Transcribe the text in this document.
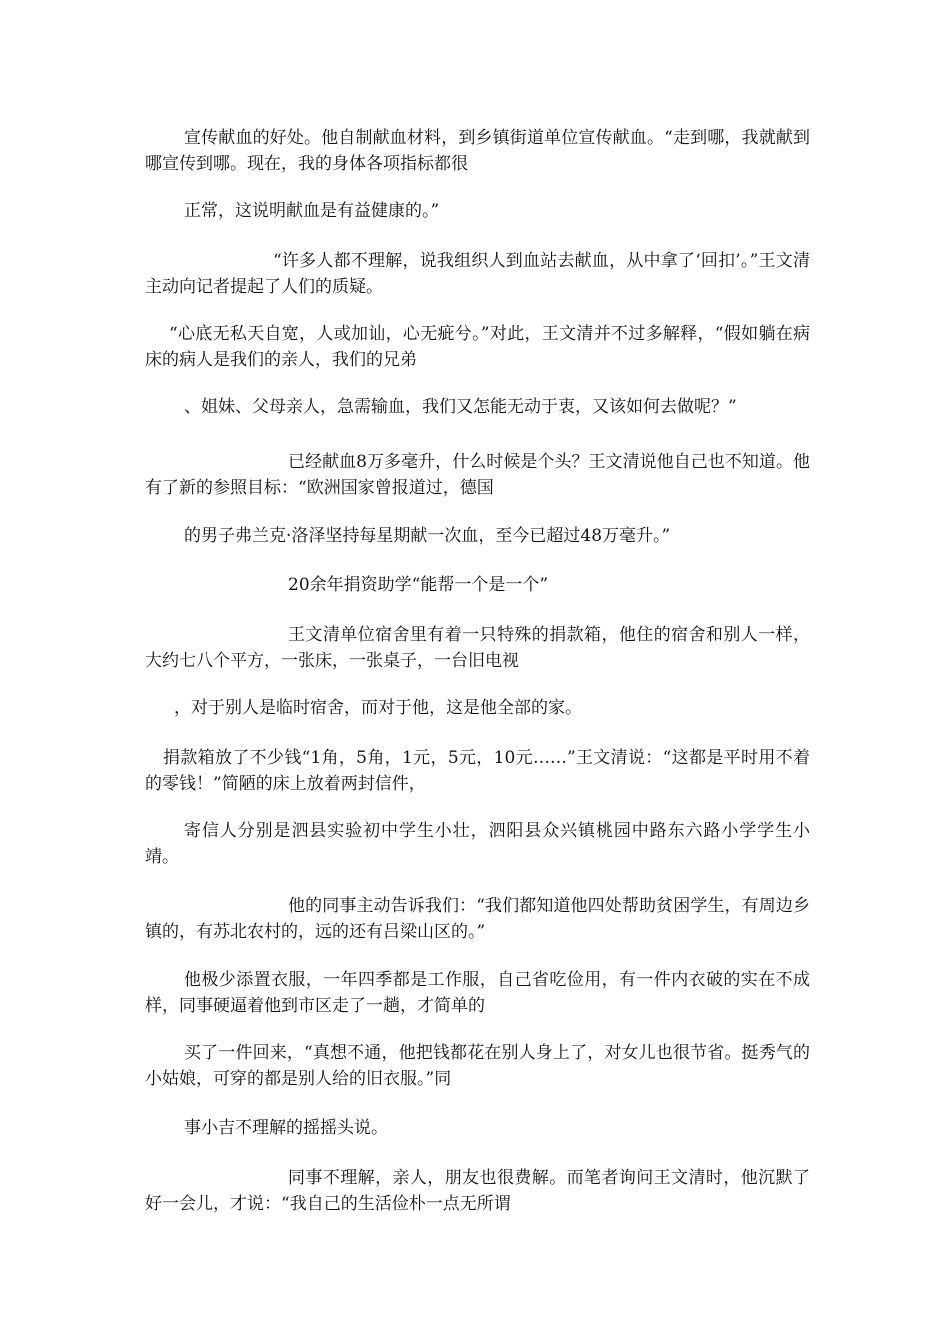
宣传献血的好处。他自制献血材料，到乡镇街道单位宣传献血。“走到哪，我就献到哪宣传到哪。现在，我的身体各项指标都很

正常，这说明献血是有益健康的。”

“许多人都不理解，说我组织人到血站去献血，从中拿了‘回扣’。”王文清主动向记者提起了人们的质疑。

“心底无私天自宽，人或加讪，心无疵兮。”对此，王文清并不过多解释，“假如躺在病床的病人是我们的亲人，我们的兄弟

、姐妹、父母亲人，急需输血，我们又怎能无动于衷，又该如何去做呢？”

已经献血8万多毫升，什么时候是个头？王文清说他自己也不知道。他有了新的参照目标：“欧洲国家曾报道过，德国

的男子弗兰克·洛泽坚持每星期献一次血，至今已超过48万毫升。”

20余年捐资助学“能帮一个是一个”

王文清单位宿舍里有着一只特殊的捐款箱，他住的宿舍和别人一样，大约七八个平方，一张床，一张桌子，一台旧电视

，对于别人是临时宿舍，而对于他，这是他全部的家。

捐款箱放了不少钱“1角，5角，1元，5元，10元……”王文清说：“这都是平时用不着的零钱！”简陋的床上放着两封信件，

寄信人分别是泗县实验初中学生小壮，泗阳县众兴镇桃园中路东六路小学学生小靖。

他的同事主动告诉我们：“我们都知道他四处帮助贫困学生，有周边乡镇的，有苏北农村的，远的还有吕梁山区的。”

他极少添置衣服，一年四季都是工作服，自己省吃俭用，有一件内衣破的实在不成样，同事硬逼着他到市区走了一趟，才简单的

买了一件回来，“真想不通，他把钱都花在别人身上了，对女儿也很节省。挺秀气的小姑娘，可穿的都是别人给的旧衣服。”同

事小吉不理解的摇摇头说。

同事不理解，亲人，朋友也很费解。而笔者询问王文清时，他沉默了好一会儿，才说：“我自己的生活俭朴一点无所谓
